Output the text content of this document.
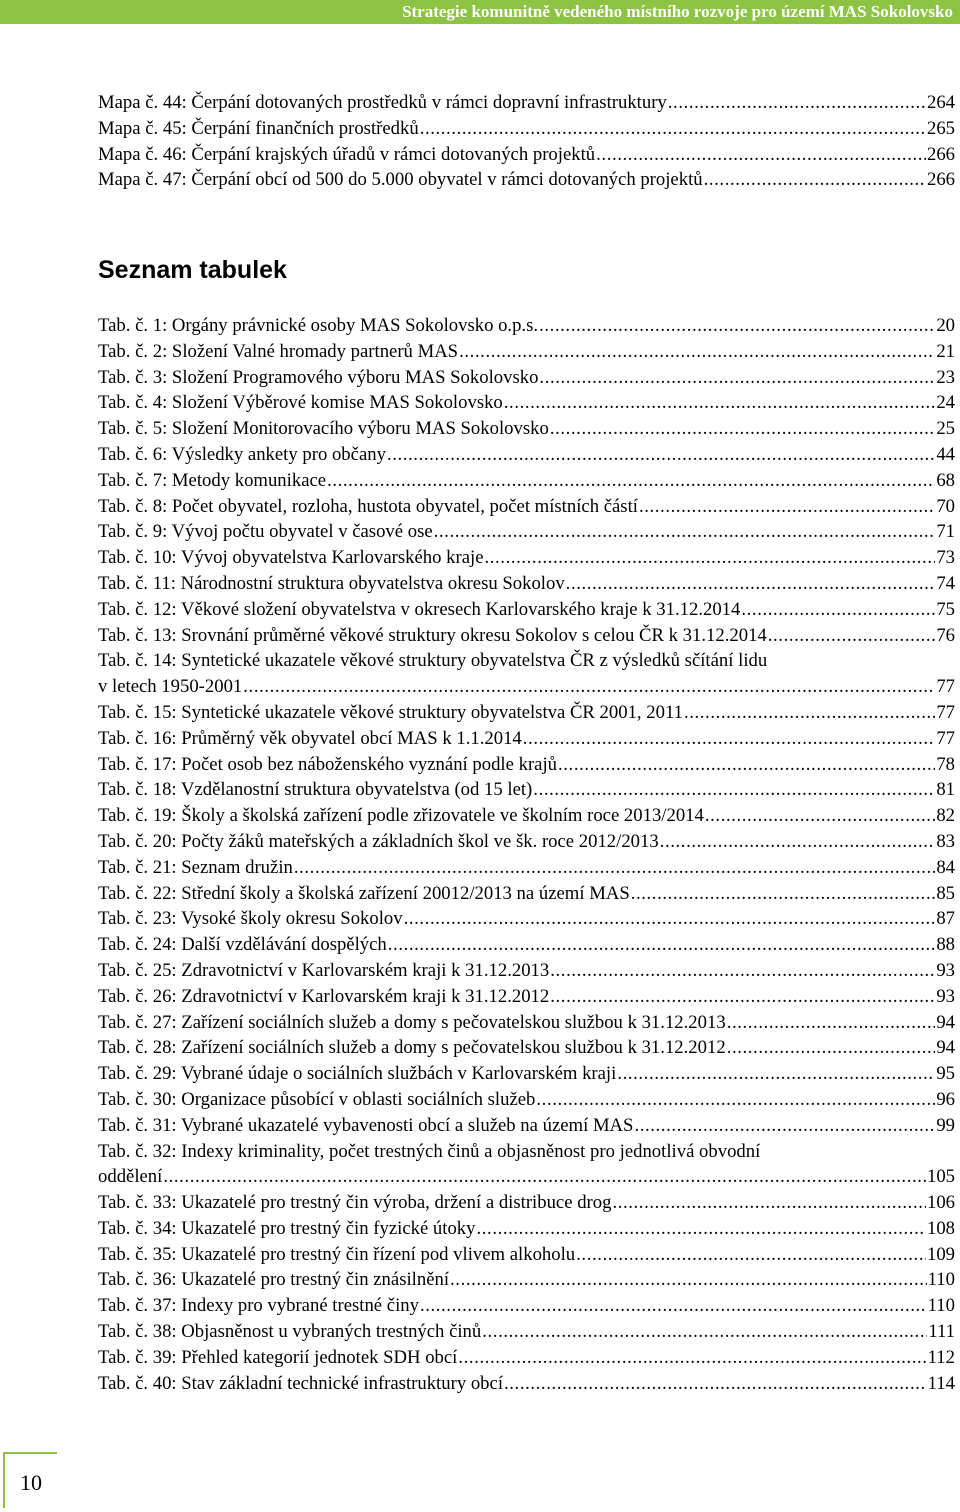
Strategie komunitně vedeného místního rozvoje pro území MAS Sokolovsko
Mapa č. 44: Čerpání dotovaných prostředků v rámci dopravní infrastruktury .....	264
Mapa č. 45: Čerpání finančních prostředků .....	265
Mapa č. 46: Čerpání krajských úřadů v rámci dotovaných projektů .....	266
Mapa č. 47: Čerpání obcí od 500 do 5.000 obyvatel v rámci dotovaných projektů .....	266
Seznam tabulek
Tab. č. 1: Orgány právnické osoby MAS Sokolovsko o.p.s. .....	20
Tab. č. 2: Složení Valné hromady partnerů MAS .....	21
Tab. č. 3: Složení Programového výboru MAS Sokolovsko .....	23
Tab. č. 4: Složení Výběrové komise MAS Sokolovsko .....	24
Tab. č. 5: Složení Monitorovacího výboru MAS Sokolovsko .....	25
Tab. č. 6: Výsledky ankety pro občany .....	44
Tab. č. 7: Metody komunikace .....	68
Tab. č. 8: Počet obyvatel, rozloha, hustota obyvatel, počet místních částí .....	70
Tab. č. 9: Vývoj počtu obyvatel v časové ose .....	71
Tab. č. 10: Vývoj obyvatelstva Karlovarského kraje .....	73
Tab. č. 11: Národnostní struktura obyvatelstva okresu Sokolov .....	74
Tab. č. 12: Věkové složení obyvatelstva v okresech Karlovarského kraje k 31.12.2014 .....	75
Tab. č. 13: Srovnání průměrné věkové struktury okresu Sokolov s celou ČR k 31.12.2014 .....	76
Tab. č. 14: Syntetické ukazatele věkové struktury obyvatelstva ČR z výsledků sčítání lidu
v letech 1950-2001 .....	77
Tab. č. 15: Syntetické ukazatele věkové struktury obyvatelstva ČR 2001, 2011 .....	77
Tab. č. 16: Průměrný věk obyvatel obcí MAS k 1.1.2014 .....	77
Tab. č. 17: Počet osob bez náboženského vyznání podle krajů .....	78
Tab. č. 18: Vzdělanostní struktura obyvatelstva (od 15 let) .....	81
Tab. č. 19: Školy a školská zařízení podle zřizovatele ve školním roce 2013/2014 .....	82
Tab. č. 20: Počty žáků mateřských a základních škol ve šk. roce 2012/2013 .....	83
Tab. č. 21: Seznam družin .....	84
Tab. č. 22: Střední školy a školská zařízení 20012/2013 na území MAS .....	85
Tab. č. 23: Vysoké školy okresu Sokolov .....	87
Tab. č. 24: Další vzdělávání dospělých .....	88
Tab. č. 25: Zdravotnictví v Karlovarském kraji k 31.12.2013 .....	93
Tab. č. 26: Zdravotnictví v Karlovarském kraji k 31.12.2012 .....	93
Tab. č. 27: Zařízení sociálních služeb a domy s pečovatelskou službou k 31.12.2013 .....	94
Tab. č. 28: Zařízení sociálních služeb a domy s pečovatelskou službou k 31.12.2012 .....	94
Tab. č. 29: Vybrané údaje o sociálních službách v Karlovarském kraji .....	95
Tab. č. 30: Organizace působící v oblasti sociálních služeb .....	96
Tab. č. 31: Vybrané ukazatelé vybavenosti obcí a služeb na území MAS .....	99
Tab. č. 32: Indexy kriminality, počet trestných činů a objasněnost pro jednotlivá obvodní
oddělení .....	105
Tab. č. 33: Ukazatelé pro trestný čin výroba, držení a distribuce drog .....	106
Tab. č. 34: Ukazatelé pro trestný čin fyzické útoky .....	108
Tab. č. 35: Ukazatelé pro trestný čin řízení pod vlivem alkoholu .....	109
Tab. č. 36: Ukazatelé pro trestný čin znásilnění .....	110
Tab. č. 37: Indexy pro vybrané trestné činy .....	110
Tab. č. 38: Objasněnost u vybraných trestných činů .....	111
Tab. č. 39: Přehled kategorií jednotek SDH obcí .....	112
Tab. č. 40: Stav základní technické infrastruktury obcí .....	114
10
